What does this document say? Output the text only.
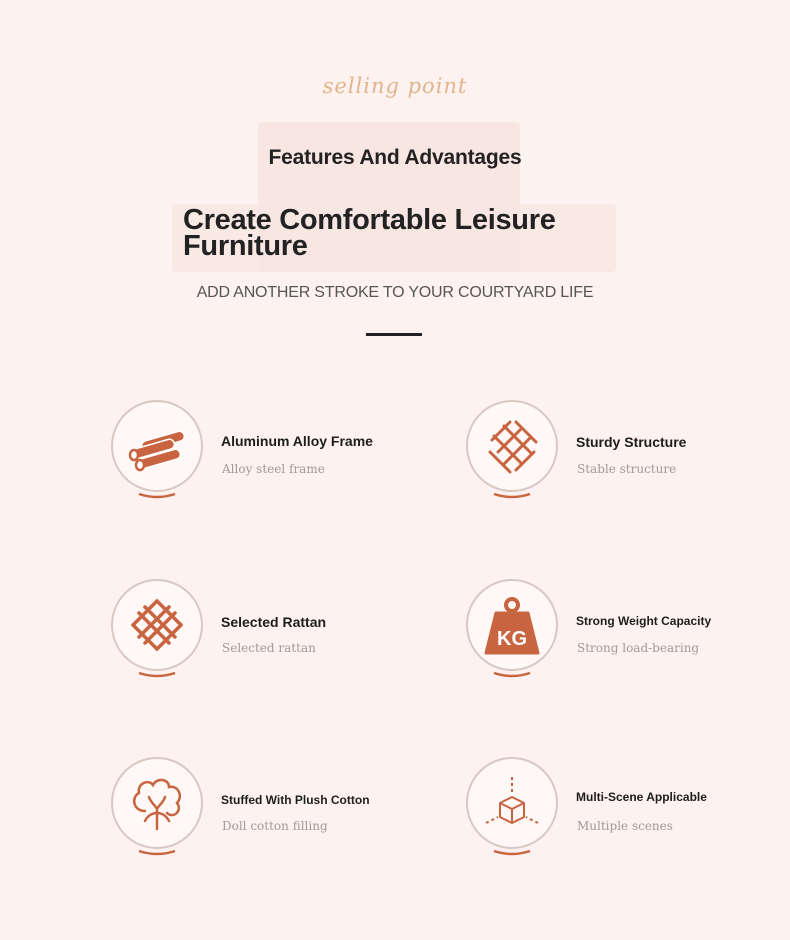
selling point
Features And Advantages
Create Comfortable Leisure Furniture
ADD ANOTHER STROKE TO YOUR COURTYARD LIFE
Aluminum Alloy Frame
Alloy steel frame
Sturdy Structure
Stable structure
Selected Rattan
Selected rattan	KG
Strong Weight Capacity
Strong load-bearing
Stuffed With Plush Cotton
Doll cotton filling
Multi-Scene Applicable
Multiple scenes
